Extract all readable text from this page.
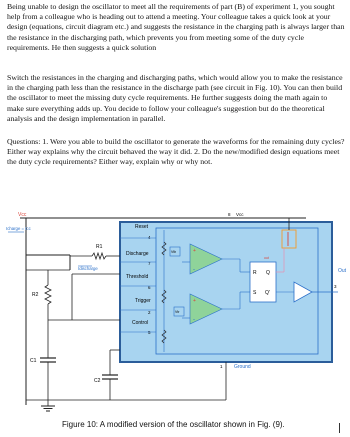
Being unable to design the oscillator to meet all the requirements of part (B) of experiment 1, you sought help from a colleague who is heading out to attend a meeting. Your colleague takes a quick look at your design (equations, circuit diagram etc.) and suggests the resistance in the charging path is always larger than the resistance in the discharging path, which prevents you from meeting some of the duty cycle requirements. He then suggests a quick solution

Switch the resistances in the charging and discharging paths, which would allow you to make the resistance in the charging path less than the resistance in the discharge path (see circuit in Fig. 10). You can then build the oscillator to meet the missing duty cycle requirements. He further suggests doing the math again to make sure everything adds up. You decide to follow your colleague's suggestion but do the theoretical analysis and the design implementation in parallel.

Questions: 1. Were you able to build the oscillator to generate the waveforms for the remaining duty cycles? Either way explains why the circuit behaved the way it did. 2. Do the new/modified design equations meet the duty cycle requirements? Either way, explain why or why not.

Vcc
Icharge = Icc
R1
Idischarge
R2
C1
C2
Reset
4
Discharge
7
Threshold
6
Trigger
2
Control
5
8 Vcc
1 Ground
Vth
Vtr
+
-
+
-
R Q
S Q'
out
Out
3
Figure 10: A modified version of the oscillator shown in Fig. (9).
